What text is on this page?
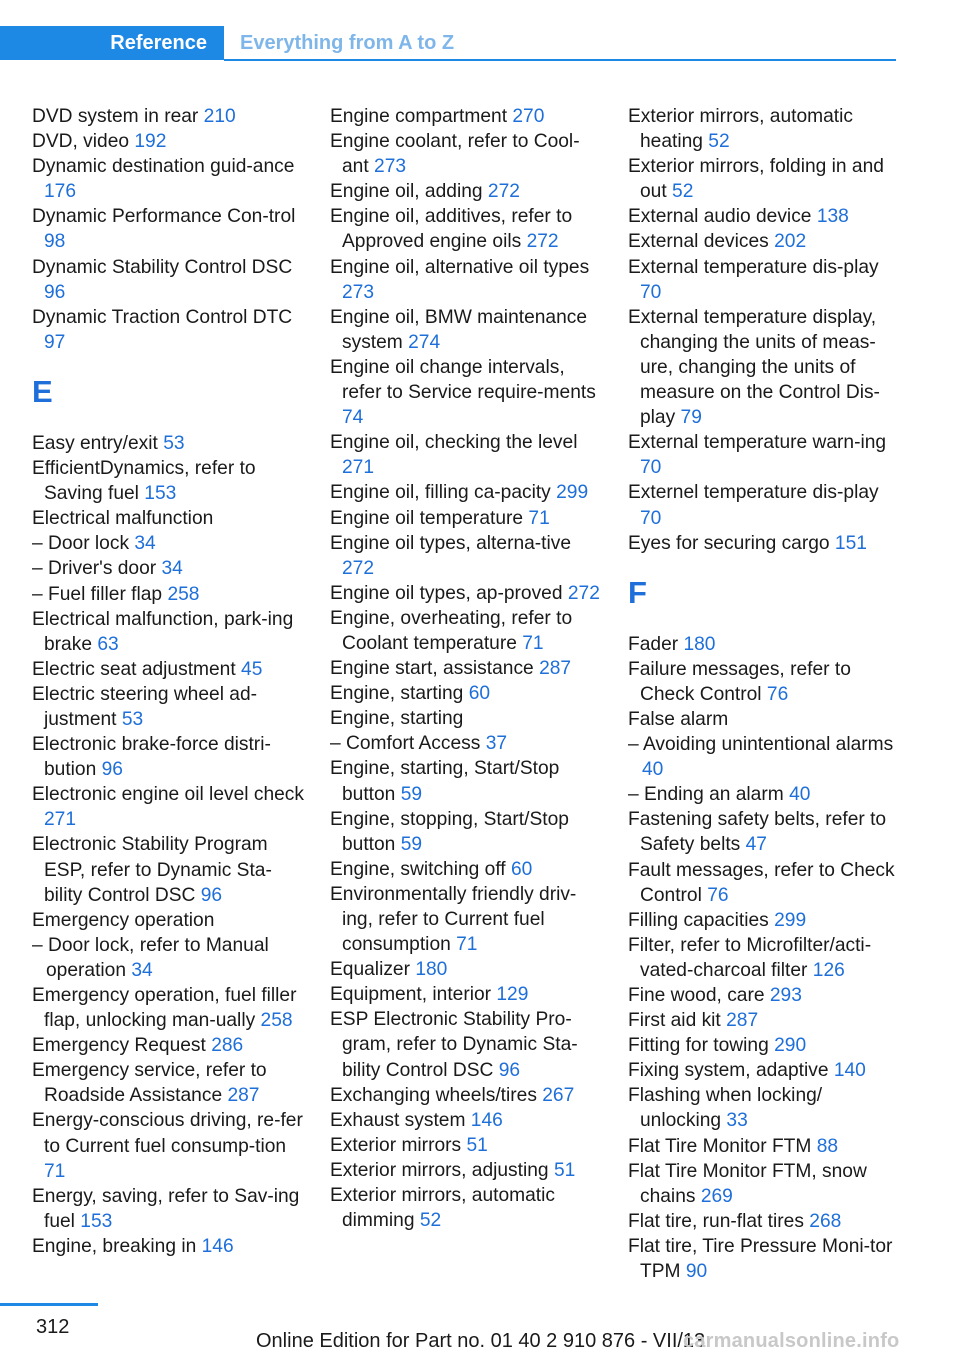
Reference Everything from A to Z
DVD system in rear 210
DVD, video 192
Dynamic destination guid-ance 176
Dynamic Performance Con-trol 98
Dynamic Stability Control DSC 96
Dynamic Traction Control DTC 97
E
Easy entry/exit 53
EfficientDynamics, refer to Saving fuel 153
Electrical malfunction
– Door lock 34
– Driver's door 34
– Fuel filler flap 258
Electrical malfunction, park-ing brake 63
Electric seat adjustment 45
Electric steering wheel ad-justment 53
Electronic brake-force distri-bution 96
Electronic engine oil level check 271
Electronic Stability Program ESP, refer to Dynamic Sta-bility Control DSC 96
Emergency operation
– Door lock, refer to Manual operation 34
Emergency operation, fuel filler flap, unlocking man-ually 258
Emergency Request 286
Emergency service, refer to Roadside Assistance 287
Energy-conscious driving, re-fer to Current fuel consump-tion 71
Energy, saving, refer to Sav-ing fuel 153
Engine, breaking in 146
Engine compartment 270
Engine coolant, refer to Cool-ant 273
Engine oil, adding 272
Engine oil, additives, refer to Approved engine oils 272
Engine oil, alternative oil types 273
Engine oil, BMW maintenance system 274
Engine oil change intervals, refer to Service require-ments 74
Engine oil, checking the level 271
Engine oil, filling ca-pacity 299
Engine oil temperature 71
Engine oil types, alterna-tive 272
Engine oil types, ap-proved 272
Engine, overheating, refer to Coolant temperature 71
Engine start, assistance 287
Engine, starting 60
Engine, starting
– Comfort Access 37
Engine, starting, Start/Stop button 59
Engine, stopping, Start/Stop button 59
Engine, switching off 60
Environmentally friendly driv-ing, refer to Current fuel consumption 71
Equalizer 180
Equipment, interior 129
ESP Electronic Stability Pro-gram, refer to Dynamic Sta-bility Control DSC 96
Exchanging wheels/tires 267
Exhaust system 146
Exterior mirrors 51
Exterior mirrors, adjusting 51
Exterior mirrors, automatic dimming 52
Exterior mirrors, automatic heating 52
Exterior mirrors, folding in and out 52
External audio device 138
External devices 202
External temperature dis-play 70
External temperature display, changing the units of meas-ure, changing the units of measure on the Control Dis-play 79
External temperature warn-ing 70
Externel temperature dis-play 70
Eyes for securing cargo 151
F
Fader 180
Failure messages, refer to Check Control 76
False alarm
– Avoiding unintentional alarms 40
– Ending an alarm 40
Fastening safety belts, refer to Safety belts 47
Fault messages, refer to Check Control 76
Filling capacities 299
Filter, refer to Microfilter/acti-vated-charcoal filter 126
Fine wood, care 293
First aid kit 287
Fitting for towing 290
Fixing system, adaptive 140
Flashing when locking/ unlocking 33
Flat Tire Monitor FTM 88
Flat Tire Monitor FTM, snow chains 269
Flat tire, run-flat tires 268
Flat tire, Tire Pressure Moni-tor TPM 90
312
Online Edition for Part no. 01 40 2 910 876 - VII/13
carmanualsonline.info
